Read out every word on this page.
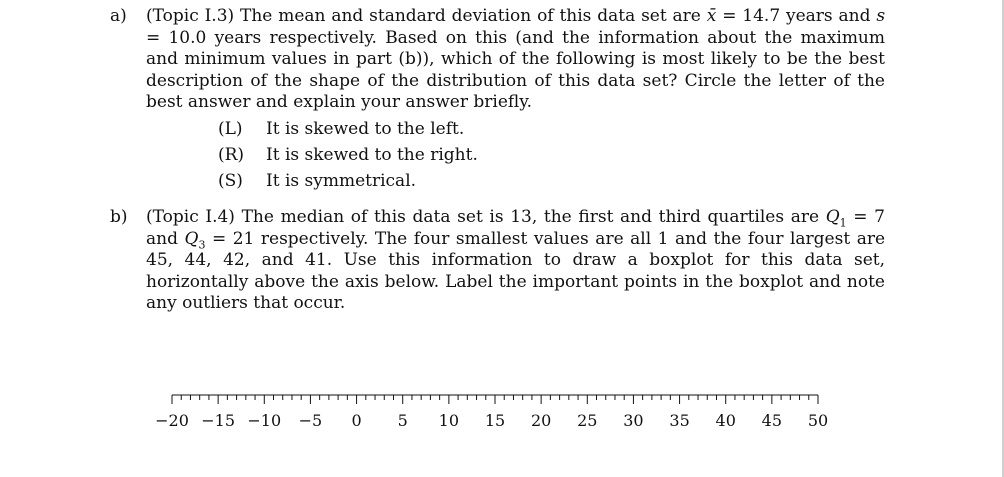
a) (Topic I.3) The mean and standard deviation of this data set are x̄ = 14.7 years and s = 10.0 years respectively. Based on this (and the information about the maximum and minimum values in part (b)), which of the following is most likely to be the best description of the shape of the distribution of this data set? Circle the letter of the best answer and explain your answer briefly.
(L)	It is skewed to the left.
(R)	It is skewed to the right.
(S)	It is symmetrical.
b) (Topic I.4) The median of this data set is 13, the first and third quartiles are $Q_1 = 7$ and $Q_3 = 21$ respectively. The four smallest values are all 1 and the four largest are 45, 44, 42, and 41. Use this information to draw a boxplot for this data set, horizontally above the axis below. Label the important points in the boxplot and note any outliers that occur.
−20 −15 −10 −5 0 5 10 15 20 25 30 35 40 45 50
